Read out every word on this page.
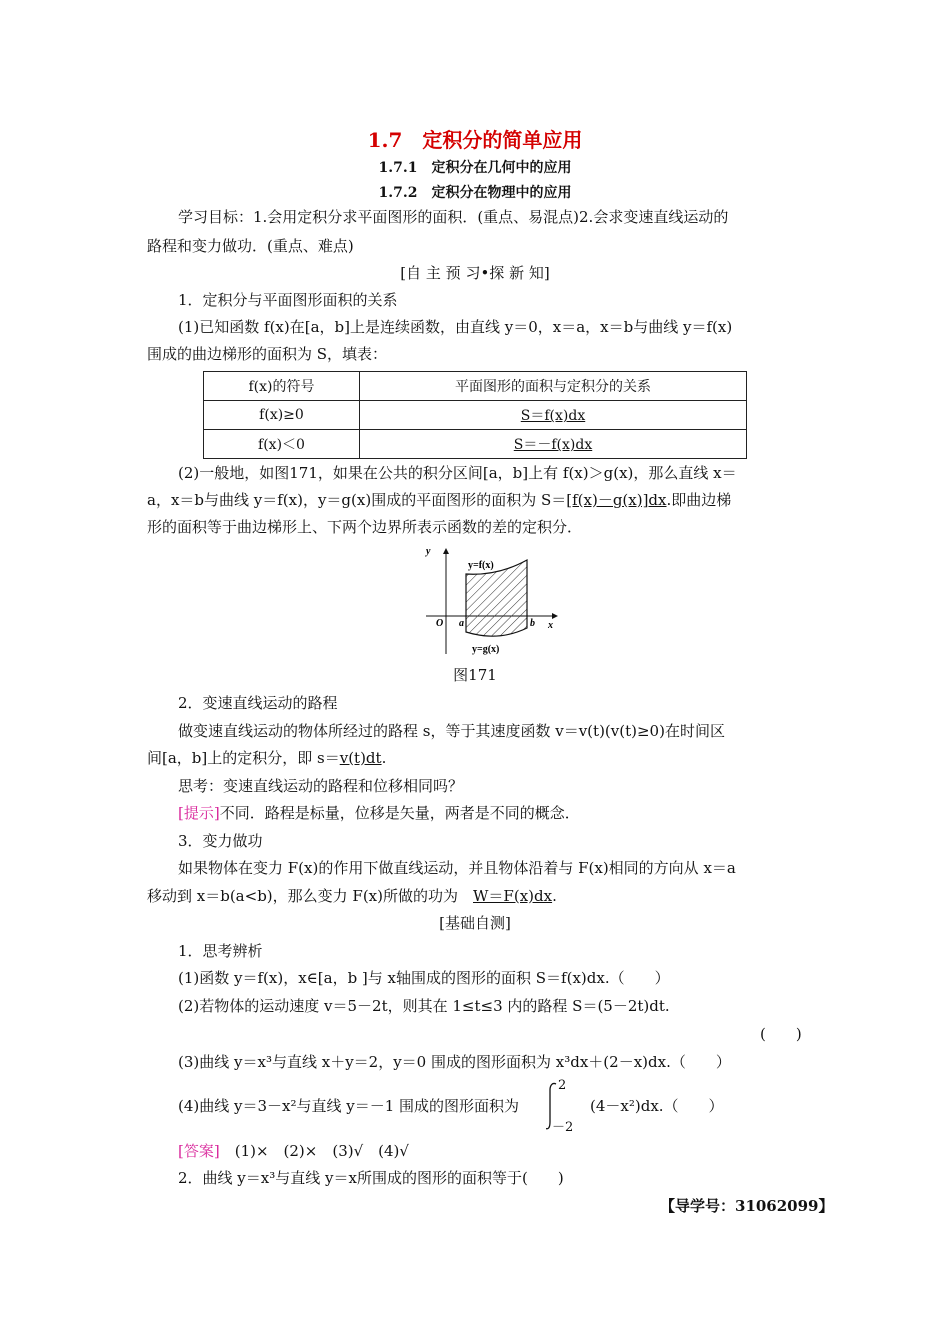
1.7　定积分的简单应用
1.7.1　定积分在几何中的应用
1.7.2　定积分在物理中的应用
学习目标：1.会用定积分求平面图形的面积．(重点、易混点)2.会求变速直线运动的
路程和变力做功．(重点、难点)
[自 主 预 习•探 新 知]
1．定积分与平面图形面积的关系
(1)已知函数 f(x)在[a，b]上是连续函数，由直线 y＝0，x＝a，x＝b与曲线 y＝f(x)
围成的曲边梯形的面积为 S，填表：
f(x)的符号	平面图形的面积与定积分的关系
f(x)≥0	S＝f(x)dx
f(x)＜0	S＝－f(x)dx
(2)一般地，如图171，如果在公共的积分区间[a，b]上有 f(x)＞g(x)，那么直线 x＝
a，x＝b与曲线 y＝f(x)，y＝g(x)围成的平面图形的面积为 S＝[f(x)－g(x)]dx.即曲边梯
形的面积等于曲边梯形上、下两个边界所表示函数的差的定积分．
y
x
O a	b
y=f(x)
y=g(x)
图171
2．变速直线运动的路程
做变速直线运动的物体所经过的路程 s，等于其速度函数 v＝v(t)(v(t)≥0)在时间区
间[a，b]上的定积分，即 s＝v(t)dt.
思考：变速直线运动的路程和位移相同吗？
[提示]不同．路程是标量，位移是矢量，两者是不同的概念．
3．变力做功
如果物体在变力 F(x)的作用下做直线运动，并且物体沿着与 F(x)相同的方向从 x＝a
移动到 x＝b(a<b)，那么变力 F(x)所做的功为　 W＝F(x)dx.
[基础自测]
1．思考辨析
(1)函数 y＝f(x)，x∈[a，b ]与 x轴围成的图形的面积 S＝f(x)dx.（　　）
(2)若物体的运动速度 v＝5－2t，则其在 1≤t≤3 内的路程 S＝(5－2t)dt.
(　　)
(3)曲线 y＝x³与直线 x＋y＝2，y＝0 围成的图形面积为 x³dx＋(2－x)dx.（　　）
(4)曲线 y＝3－x²与直线 y＝－1 围成的图形面积为
2
－2
(4－x²)dx.（　　）
[答案]　(1)×　(2)×　(3)√　(4)√
2．曲线 y＝x³与直线 y＝x所围成的图形的面积等于(　　)
【导学号：31062099】
